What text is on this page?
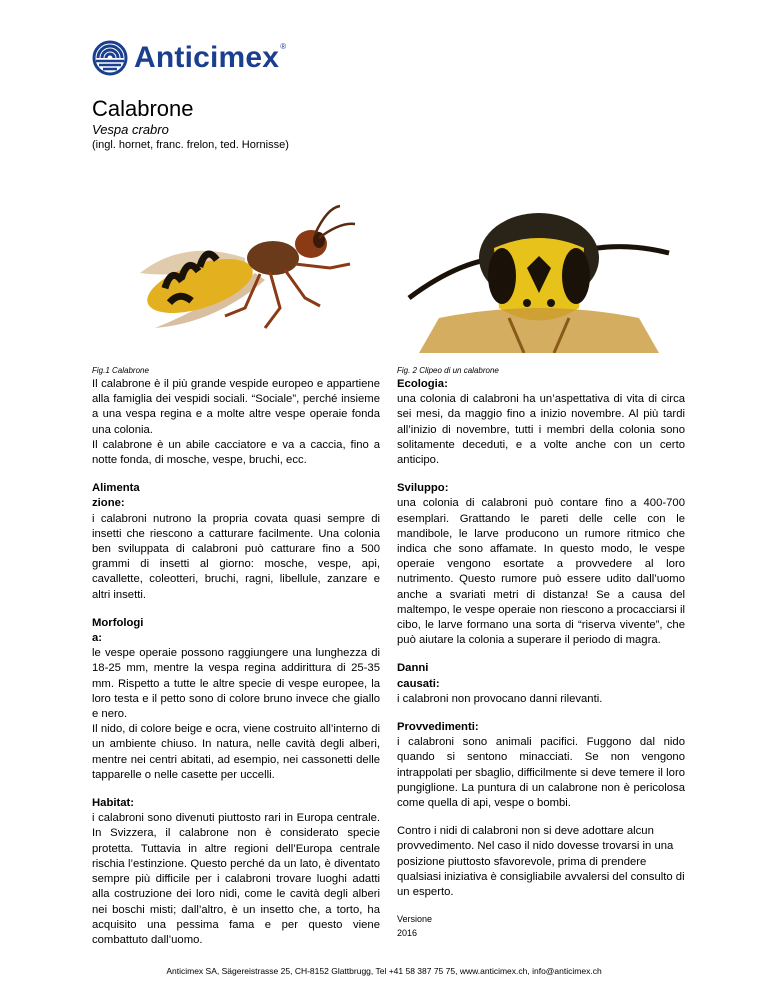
Anticimex ®
Calabrone
Vespa crabro
(ingl. hornet, franc. frelon, ted. Hornisse)
Fig.1 Calabrone	Fig. 2 Clipeo di un calabrone

Il calabrone è il più grande vespide europeo e appartiene alla famiglia dei vespidi sociali. “Sociale”, perché insieme a una vespa regina e a molte altre vespe operaie fonda una colonia.

Il calabrone è un abile cacciatore e va a caccia, fino a notte fonda, di mosche, vespe, bruchi, ecc.

Alimenta
zione:
i calabroni nutrono la propria covata quasi sempre di insetti che riescono a catturare facilmente. Una colonia ben sviluppata di calabroni può catturare fino a 500 grammi di insetti al giorno: mosche, vespe, api, cavallette, coleotteri, bruchi, ragni, libellule, zanzare e altri insetti.

Morfologi
a:
le vespe operaie possono raggiungere una lunghezza di 18-25 mm, mentre la vespa regina addirittura di 25-35 mm. Rispetto a tutte le altre specie di vespe europee, la loro testa e il petto sono di colore bruno invece che giallo e nero.

Il nido, di colore beige e ocra, viene costruito all’interno di un ambiente chiuso. In natura, nelle cavità degli alberi, mentre nei centri abitati, ad esempio, nei cassonetti delle tapparelle o nelle casette per uccelli.

Habitat:
i calabroni sono divenuti piuttosto rari in Europa centrale. In Svizzera, il calabrone non è considerato specie protetta. Tuttavia in altre regioni dell’Europa centrale rischia l’estinzione. Questo perché da un lato, è diventato sempre più difficile per i calabroni trovare luoghi adatti alla costruzione dei loro nidi, come le cavità degli alberi nei boschi misti; dall’altro, è un insetto che, a torto, ha acquisito una pessima fama e per questo viene combattuto dall’uomo.

Ecologia:
una colonia di calabroni ha un’aspettativa di vita di circa sei mesi, da maggio fino a inizio novembre. Al più tardi all’inizio di novembre, tutti i membri della colonia sono solitamente deceduti, e a volte anche con un certo anticipo.

Sviluppo:
una colonia di calabroni può contare fino a 400-700 esemplari. Grattando le pareti delle celle con le mandibole, le larve producono un rumore ritmico che indica che sono affamate. In questo modo, le vespe operaie vengono esortate a provvedere al loro nutrimento. Questo rumore può essere udito dall’uomo anche a svariati metri di distanza! Se a causa del maltempo, le vespe operaie non riescono a procacciarsi il cibo, le larve formano una sorta di “riserva vivente”, che può aiutare la colonia a superare il periodo di magra.

Danni
causati:
i calabroni non provocano danni rilevanti.

Provvedimenti:
i calabroni sono animali pacifici. Fuggono dal nido quando si sentono minacciati. Se non vengono intrappolati per sbaglio, difficilmente si deve temere il loro pungiglione. La puntura di un calabrone non è pericolosa come quella di api, vespe o bombi.

Contro i nidi di calabroni non si deve adottare alcun provvedimento. Nel caso il nido dovesse trovarsi in una posizione piuttosto sfavorevole, prima di prendere qualsiasi iniziativa è consigliabile avvalersi del consulto di un esperto.

Versione
2016
Anticimex SA, Sägereistrasse 25, CH-8152 Glattbrugg, Tel +41 58 387 75 75, www.anticimex.ch, info@anticimex.ch
